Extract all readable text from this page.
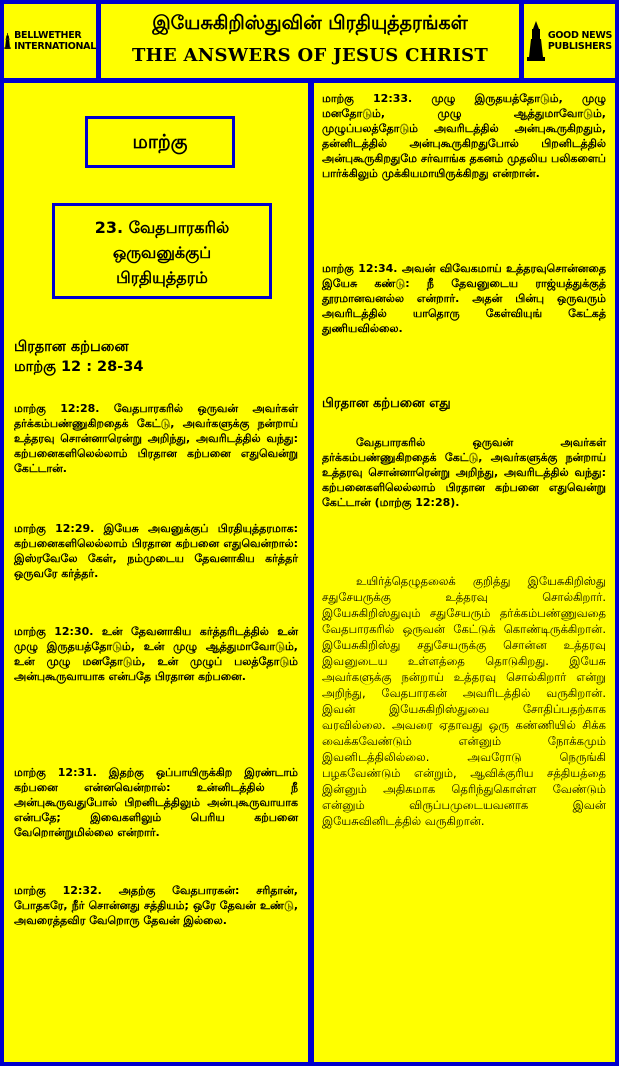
BELLWETHER
INTERNATIONAL
இயேசுகிறிஸ்துவின் பிரதியுத்தரங்கள்
THE ANSWERS OF JESUS CHRIST
GOOD NEWS
PUBLISHERS
மாற்கு
23. வேதபாரகரில்
ஒருவனுக்குப்
பிரதியுத்தரம்
பிரதான கற்பனை
மாற்கு 12 : 28-34

மாற்கு 12:28. வேதபாரகரில் ஒருவன் அவர்கள் தர்க்கம்பண்ணுகிறதைக் கேட்டு, அவர்களுக்கு நன்றாய் உத்தரவு சொன்னாரென்று அறிந்து, அவரிடத்தில் வந்து: கற்பனைகளிலெல்லாம் பிரதான கற்பனை எதுவென்று கேட்டான்.

மாற்கு 12:29. இயேசு அவனுக்குப் பிரதியுத்தரமாக: கற்பனைகளிலெல்லாம் பிரதான கற்பனை எதுவென்றால்: இஸ்ரவேலே கேள், நம்முடைய தேவனாகிய கர்த்தர் ஒருவரே கர்த்தர்.

மாற்கு 12:30. உன் தேவனாகிய கர்த்தரிடத்தில் உன் முழு இருதயத்தோடும், உன் முழு ஆத்துமாவோடும், உன் முழு மனதோடும், உன் முழுப் பலத்தோடும் அன்புகூருவாயாக என்பதே பிரதான கற்பனை.

மாற்கு 12:31. இதற்கு ஒப்பாயிருக்கிற இரண்டாம் கற்பனை என்னவென்றால்: உன்னிடத்தில் நீ அன்புகூருவதுபோல் பிறனிடத்திலும் அன்புகூருவாயாக என்பதே; இவைகளிலும் பெரிய கற்பனை வேறொன்றுமில்லை என்றார்.

மாற்கு 12:32. அதற்கு வேதபாரகன்: சரிதான், போதகரே, நீர் சொன்னது சத்தியம்; ஒரே தேவன் உண்டு, அவரைத்தவிர வேறொரு தேவன் இல்லை.

மாற்கு 12:33. முழு இருதயத்தோடும், முழு மனதோடும், முழு ஆத்துமாவோடும், முழுப்பலத்தோடும் அவரிடத்தில் அன்புகூருகிறதும், தன்னிடத்தில் அன்புகூருகிறதுபோல் பிறனிடத்தில் அன்புகூருகிறதுமே சர்வாங்க தகனம் முதலிய பலிகளைப் பார்க்கிலும் முக்கியமாயிருக்கிறது என்றான்.

மாற்கு 12:34. அவன் விவேகமாய் உத்தரவுசொன்னதை இயேசு கண்டு: நீ தேவனுடைய ராஜ்யத்துக்குத் தூரமானவனல்ல என்றார். அதன் பின்பு ஒருவரும் அவரிடத்தில் யாதொரு கேள்வியுங் கேட்கத் துணியவில்லை.

பிரதான கற்பனை எது

வேதபாரகரில் ஒருவன் அவர்கள் தர்க்கம்பண்ணுகிறதைக் கேட்டு, அவர்களுக்கு நன்றாய் உத்தரவு சொன்னாரென்று அறிந்து, அவரிடத்தில் வந்து: கற்பனைகளிலெல்லாம் பிரதான கற்பனை எதுவென்று கேட்டான் (மாற்கு 12:28).

உயிர்த்தெழுதலைக் குறித்து இயேசுகிறிஸ்து சதுசேயருக்கு உத்தரவு சொல்கிறார். இயேசுகிறிஸ்துவும் சதுசேயரும் தர்க்கம்பண்ணுவதை வேதபாரகரில் ஒருவன் கேட்டுக் கொண்டிருக்கிறான். இயேசுகிறிஸ்து சதுசேயருக்கு சொன்ன உத்தரவு இவனுடைய உள்ளத்தை தொடுகிறது. இயேசு அவர்களுக்கு நன்றாய் உத்தரவு சொல்கிறார் என்று அறிந்து, வேதபாரகன் அவரிடத்தில் வருகிறான். இவன் இயேசுகிறிஸ்துவை சோதிப்பதற்காக வரவில்லை. அவரை ஏதாவது ஒரு கண்ணியில் சிக்க வைக்கவேண்டும் என்னும் நோக்கமும் இவனிடத்திலில்லை. அவரோடு நெருங்கி பழகவேண்டும் என்றும், ஆவிக்குரிய சத்தியத்தை இன்னும் அதிகமாக தெரிந்துகொள்ள வேண்டும் என்னும் விருப்பமுடையவனாக இவன் இயேசுவினிடத்தில் வருகிறான்.
